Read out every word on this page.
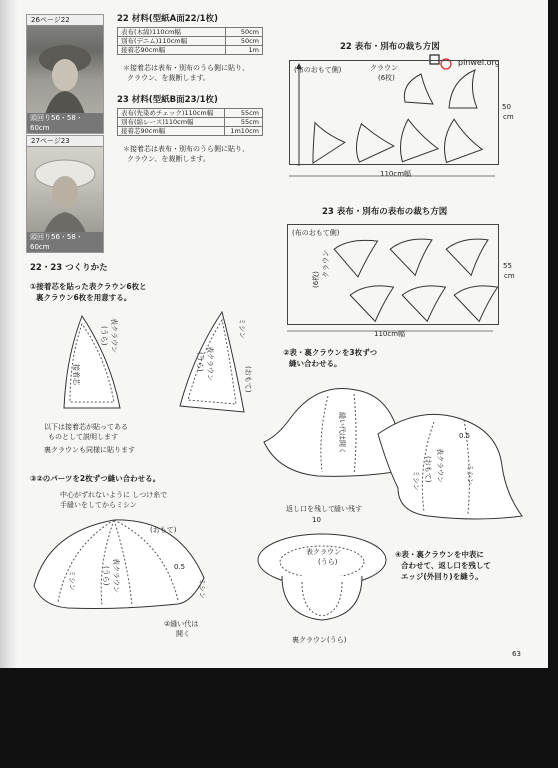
26ページ22
頭回り56・58・60cm
27ページ23
頭回り56・58・60cm
22 材料(型紙A面22/1枚)
表布(木綿)110cm幅	50cm
別布(デニム)110cm幅	50cm
接着芯90cm幅	1m
＊接着芯は表布・別布のうら側に貼り、
クラウン、を裁断します。
23 材料(型紙B面23/1枚)
表布(先染めチェック)110cm幅	55cm
別布(綿レース)110cm幅	55cm
接着芯90cm幅	1m10cm
＊接着芯は表布・別布のうら側に貼り、
クラウン、を裁断します。
pinwei.org
22 表布・別布の裁ち方図
(布のおもて側)	クラウン
(6枚)
50
cm
110cm幅
23 表布・別布の表布の裁ち方図
(布のおもて側)
クラウン
(6枚)
55
cm
110cm幅
22・23 つくりかた
①接着芯を貼った表クラウン6枚と
裏クラウン6枚を用意する。
表クラウン
(うら)
接着芯
ミシン
表クラウン
(うら)
(おもて)
以下は接着芯が貼ってある
ものとして説明します
裏クラウンも同様に貼ります
②表・裏クラウンを3枚ずつ
縫い合わせる。
縫い代は開く
ミシン 表クラウン
(おもて)	ミシン
0.5
③②のパーツを2枚ずつ縫い合わせる。
中心がずれないように しつけ糸で
手縫いをしてからミシン
(おもて)
表クラウン
(うら)
ミシン	ミシン
0.5
②縫い代は
開く
返し口を残して 縫い残す
10
表クラウン
(うら)
裏クラウン(うら)
④表・裏クラウンを中表に
合わせて、返し口を残して
エッジ(外回り)を縫う。
63
